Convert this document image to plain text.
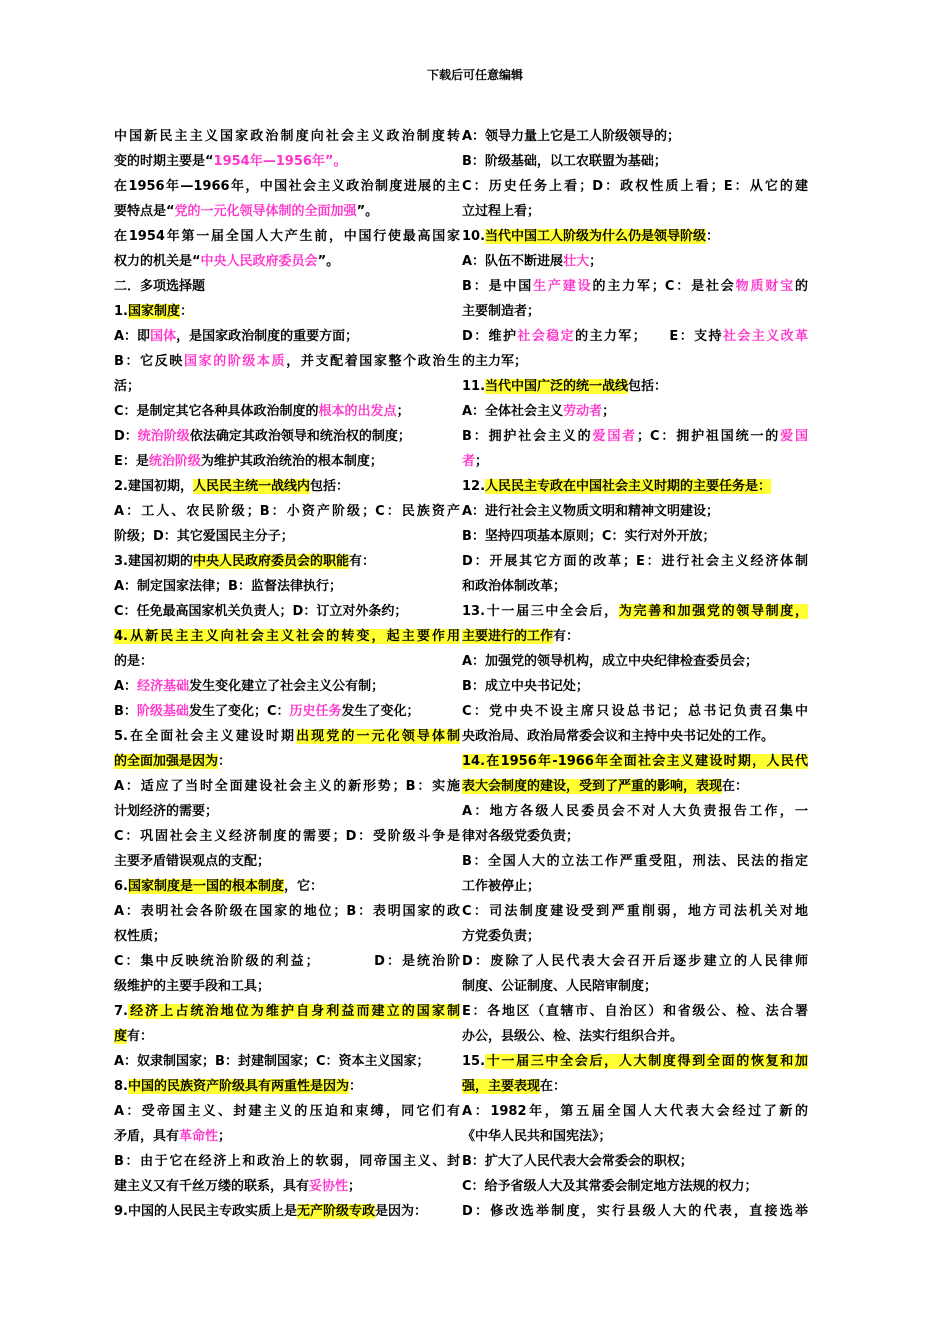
下载后可任意编辑
中国新民主主义国家政治制度向社会主义政治制度转
变的时期主要是“1954年—1956年”。
在1956年—1966年，中国社会主义政治制度进展的主
要特点是“党的一元化领导体制的全面加强”。
在1954年第一届全国人大产生前，中国行使最高国家
权力的机关是“中央人民政府委员会”。
二．多项选择题
1.国家制度：
A：即国体，是国家政治制度的重要方面；
B：它反映国家的阶级本质，并支配着国家整个政治生
活；
C：是制定其它各种具体政治制度的根本的出发点；
D：统治阶级依法确定其政治领导和统治权的制度；
E：是统治阶级为维护其政治统治的根本制度；
2.建国初期，人民民主统一战线内包括：
A：工人、农民阶级；B：小资产阶级；C：民族资产
阶级；D：其它爱国民主分子；
3.建国初期的中央人民政府委员会的职能有：
A：制定国家法律；B：监督法律执行；
C：任免最高国家机关负责人；D：订立对外条约；
4.从新民主主义向社会主义社会的转变，起主要作用
的是：
A：经济基础发生变化建立了社会主义公有制；
B：阶级基础发生了变化；C：历史任务发生了变化；
5.在全面社会主义建设时期出现党的一元化领导体制
的全面加强是因为：
A：适应了当时全面建设社会主义的新形势；B：实施
计划经济的需要；
C：巩固社会主义经济制度的需要；D：受阶级斗争是
主要矛盾错误观点的支配；
6.国家制度是一国的根本制度，它：
A：表明社会各阶级在国家的地位；B：表明国家的政
权性质；
C：集中反映统治阶级的利益；　　　　D：是统治阶
级维护的主要手段和工具；
7.经济上占统治地位为维护自身利益而建立的国家制
度有：
A：奴隶制国家；B：封建制国家；C：资本主义国家；
8.中国的民族资产阶级具有两重性是因为：
A：受帝国主义、封建主义的压迫和束缚，同它们有
矛盾，具有革命性；
B：由于它在经济上和政治上的软弱，同帝国主义、封
建主义又有千丝万缕的联系，具有妥协性；
9.中国的人民民主专政实质上是无产阶级专政是因为：
A：领导力量上它是工人阶级领导的；
B：阶级基础，以工农联盟为基础；
C：历史任务上看；D：政权性质上看；E：从它的建
立过程上看；
10.当代中国工人阶级为什么仍是领导阶级：
A：队伍不断进展壮大；
B：是中国生产建设的主力军；C：是社会物质财宝的
主要制造者；
D：维护社会稳定的主力军；　　E：支持社会主义改革
的主力军；
11.当代中国广泛的统一战线包括：
A：全体社会主义劳动者；
B：拥护社会主义的爱国者；C：拥护祖国统一的爱国
者；
12.人民民主专政在中国社会主义时期的主要任务是：
A：进行社会主义物质文明和精神文明建设；
B：坚持四项基本原则；C：实行对外开放；
D：开展其它方面的改革；E：进行社会主义经济体制
和政治体制改革；
13.十一届三中全会后，为完善和加强党的领导制度，
主要进行的工作有：
A：加强党的领导机构，成立中央纪律检查委员会；
B：成立中央书记处；
C：党中央不设主席只设总书记；总书记负责召集中
央政治局、政治局常委会议和主持中央书记处的工作。
14.在1956年-1966年全面社会主义建设时期，人民代
表大会制度的建设，受到了严重的影响，表现在：
A：地方各级人民委员会不对人大负责报告工作，一
律对各级党委负责；
B：全国人大的立法工作严重受阻，刑法、民法的指定
工作被停止；
C：司法制度建设受到严重削弱，地方司法机关对地
方党委负责；
D：废除了人民代表大会召开后逐步建立的人民律师
制度、公证制度、人民陪审制度；
E：各地区（直辖市、自治区）和省级公、检、法合署
办公，县级公、检、法实行组织合并。
15.十一届三中全会后，人大制度得到全面的恢复和加
强，主要表现在：
A：1982年，第五届全国人大代表大会经过了新的
《中华人民共和国宪法》；
B：扩大了人民代表大会常委会的职权；
C：给予省级人大及其常委会制定地方法规的权力；
D：修改选举制度，实行县级人大的代表，直接选举
